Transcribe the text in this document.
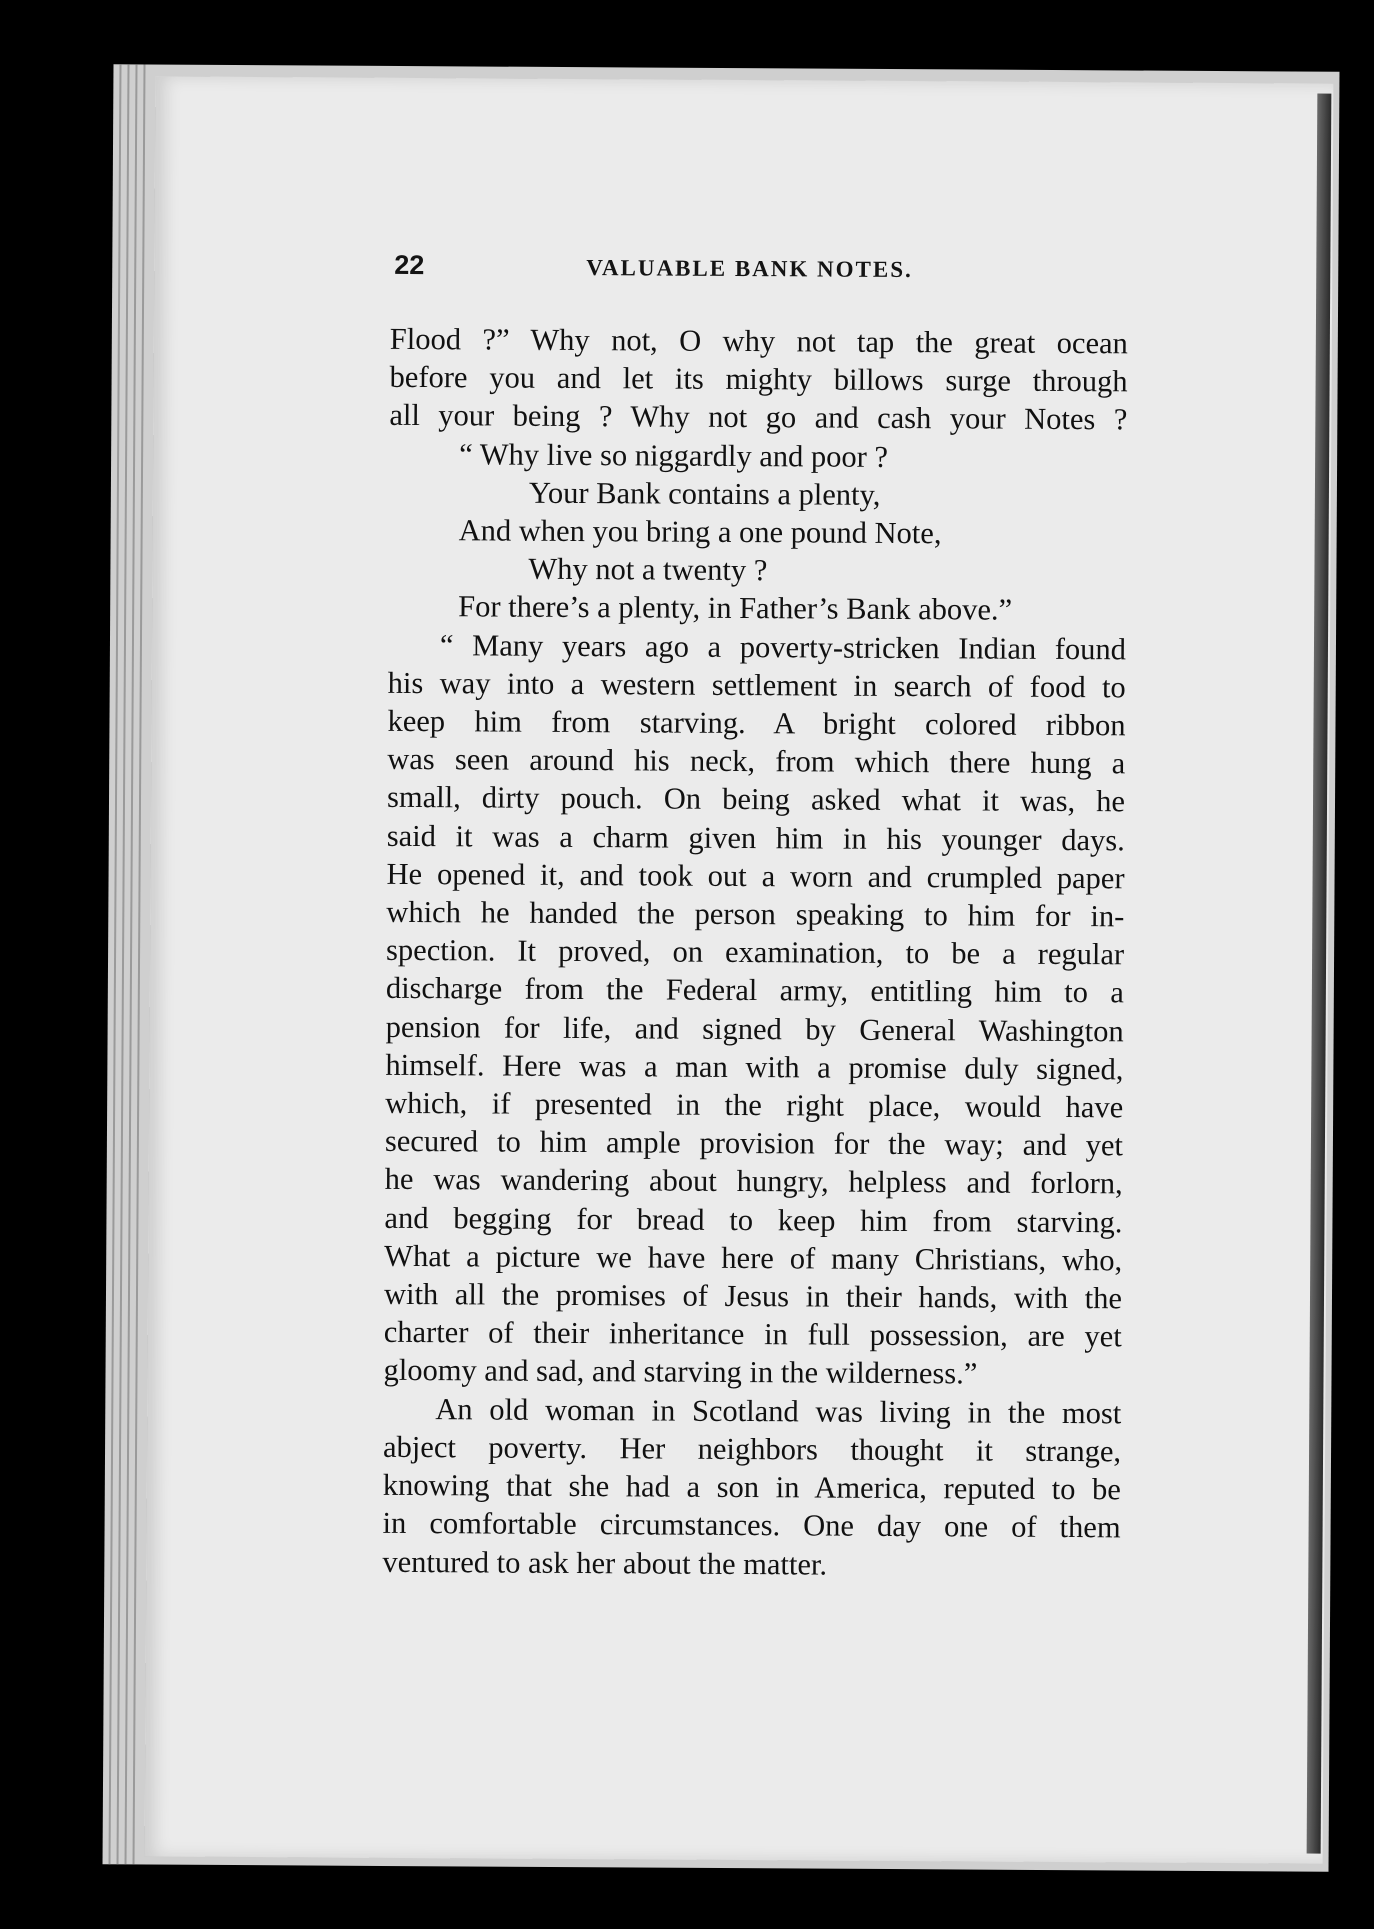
22	VALUABLE BANK NOTES.
Flood ?” Why not, O why not tap the great ocean
before you and let its mighty billows surge through
all your being ? Why not go and cash your Notes ?
“ Why live so niggardly and poor ?
Your Bank contains a plenty,
And when you bring a one pound Note,
Why not a twenty ?
For there’s a plenty, in Father’s Bank above.”
“ Many years ago a poverty-stricken Indian found
his way into a western settlement in search of food to
keep him from starving. A bright colored ribbon
was seen around his neck, from which there hung a
small, dirty pouch. On being asked what it was, he
said it was a charm given him in his younger days.
He opened it, and took out a worn and crumpled paper
which he handed the person speaking to him for in-
spection. It proved, on examination, to be a regular
discharge from the Federal army, entitling him to a
pension for life, and signed by General Washington
himself. Here was a man with a promise duly signed,
which, if presented in the right place, would have
secured to him ample provision for the way; and yet
he was wandering about hungry, helpless and forlorn,
and begging for bread to keep him from starving.
What a picture we have here of many Christians, who,
with all the promises of Jesus in their hands, with the
charter of their inheritance in full possession, are yet
gloomy and sad, and starving in the wilderness.”
An old woman in Scotland was living in the most
abject poverty. Her neighbors thought it strange,
knowing that she had a son in America, reputed to be
in comfortable circumstances. One day one of them
ventured to ask her about the matter.
